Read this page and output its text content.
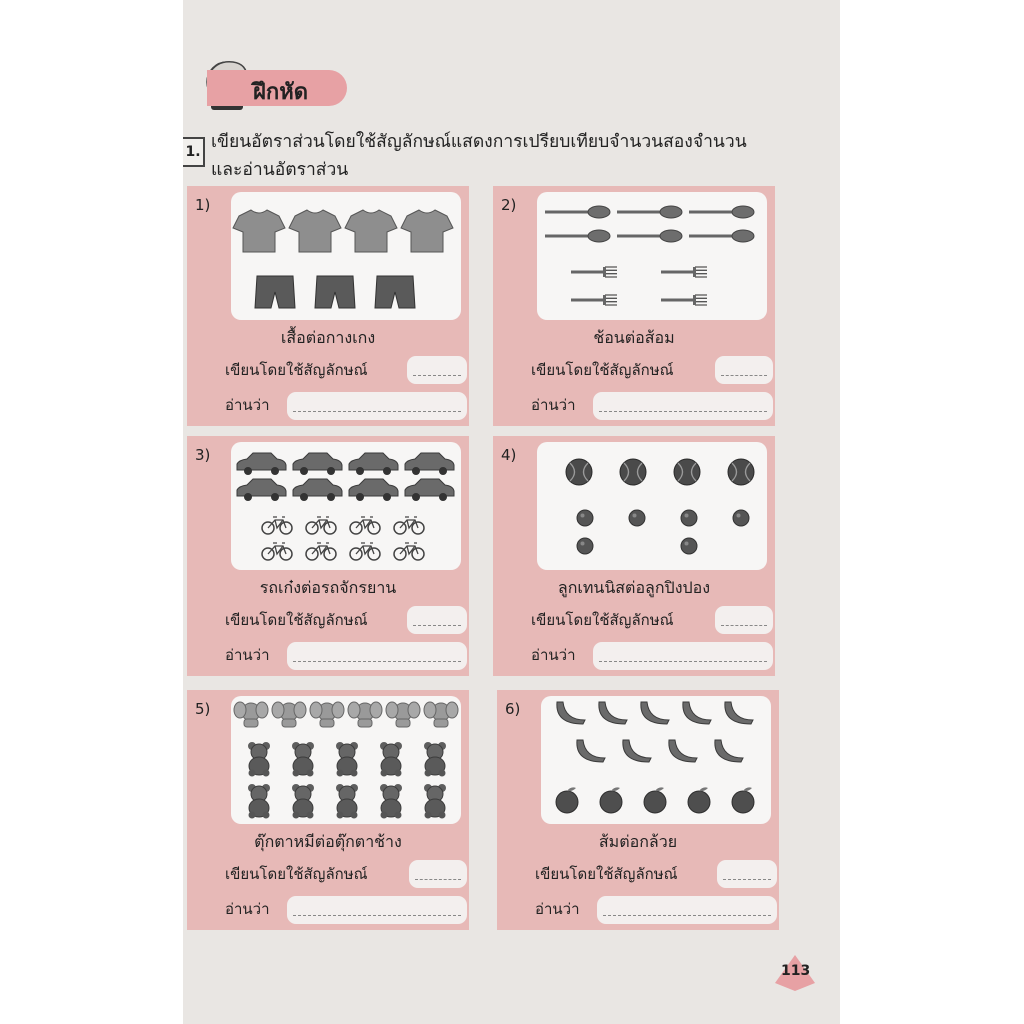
ฝึกหัด
1. เขียนอัตราส่วนโดยใช้สัญลักษณ์แสดงการเปรียบเทียบจำนวนสองจำนวน
และอ่านอัตราส่วน
1)
เสื้อต่อกางเกง
เขียนโดยใช้สัญลักษณ์
อ่านว่า
2)
ช้อนต่อส้อม
เขียนโดยใช้สัญลักษณ์
อ่านว่า
3)
รถเก๋งต่อรถจักรยาน
เขียนโดยใช้สัญลักษณ์
อ่านว่า
4)
ลูกเทนนิสต่อลูกปิงปอง
เขียนโดยใช้สัญลักษณ์
อ่านว่า
5)
ตุ๊กตาหมีต่อตุ๊กตาช้าง
เขียนโดยใช้สัญลักษณ์
อ่านว่า
6)
ส้มต่อกล้วย
เขียนโดยใช้สัญลักษณ์
อ่านว่า
113
